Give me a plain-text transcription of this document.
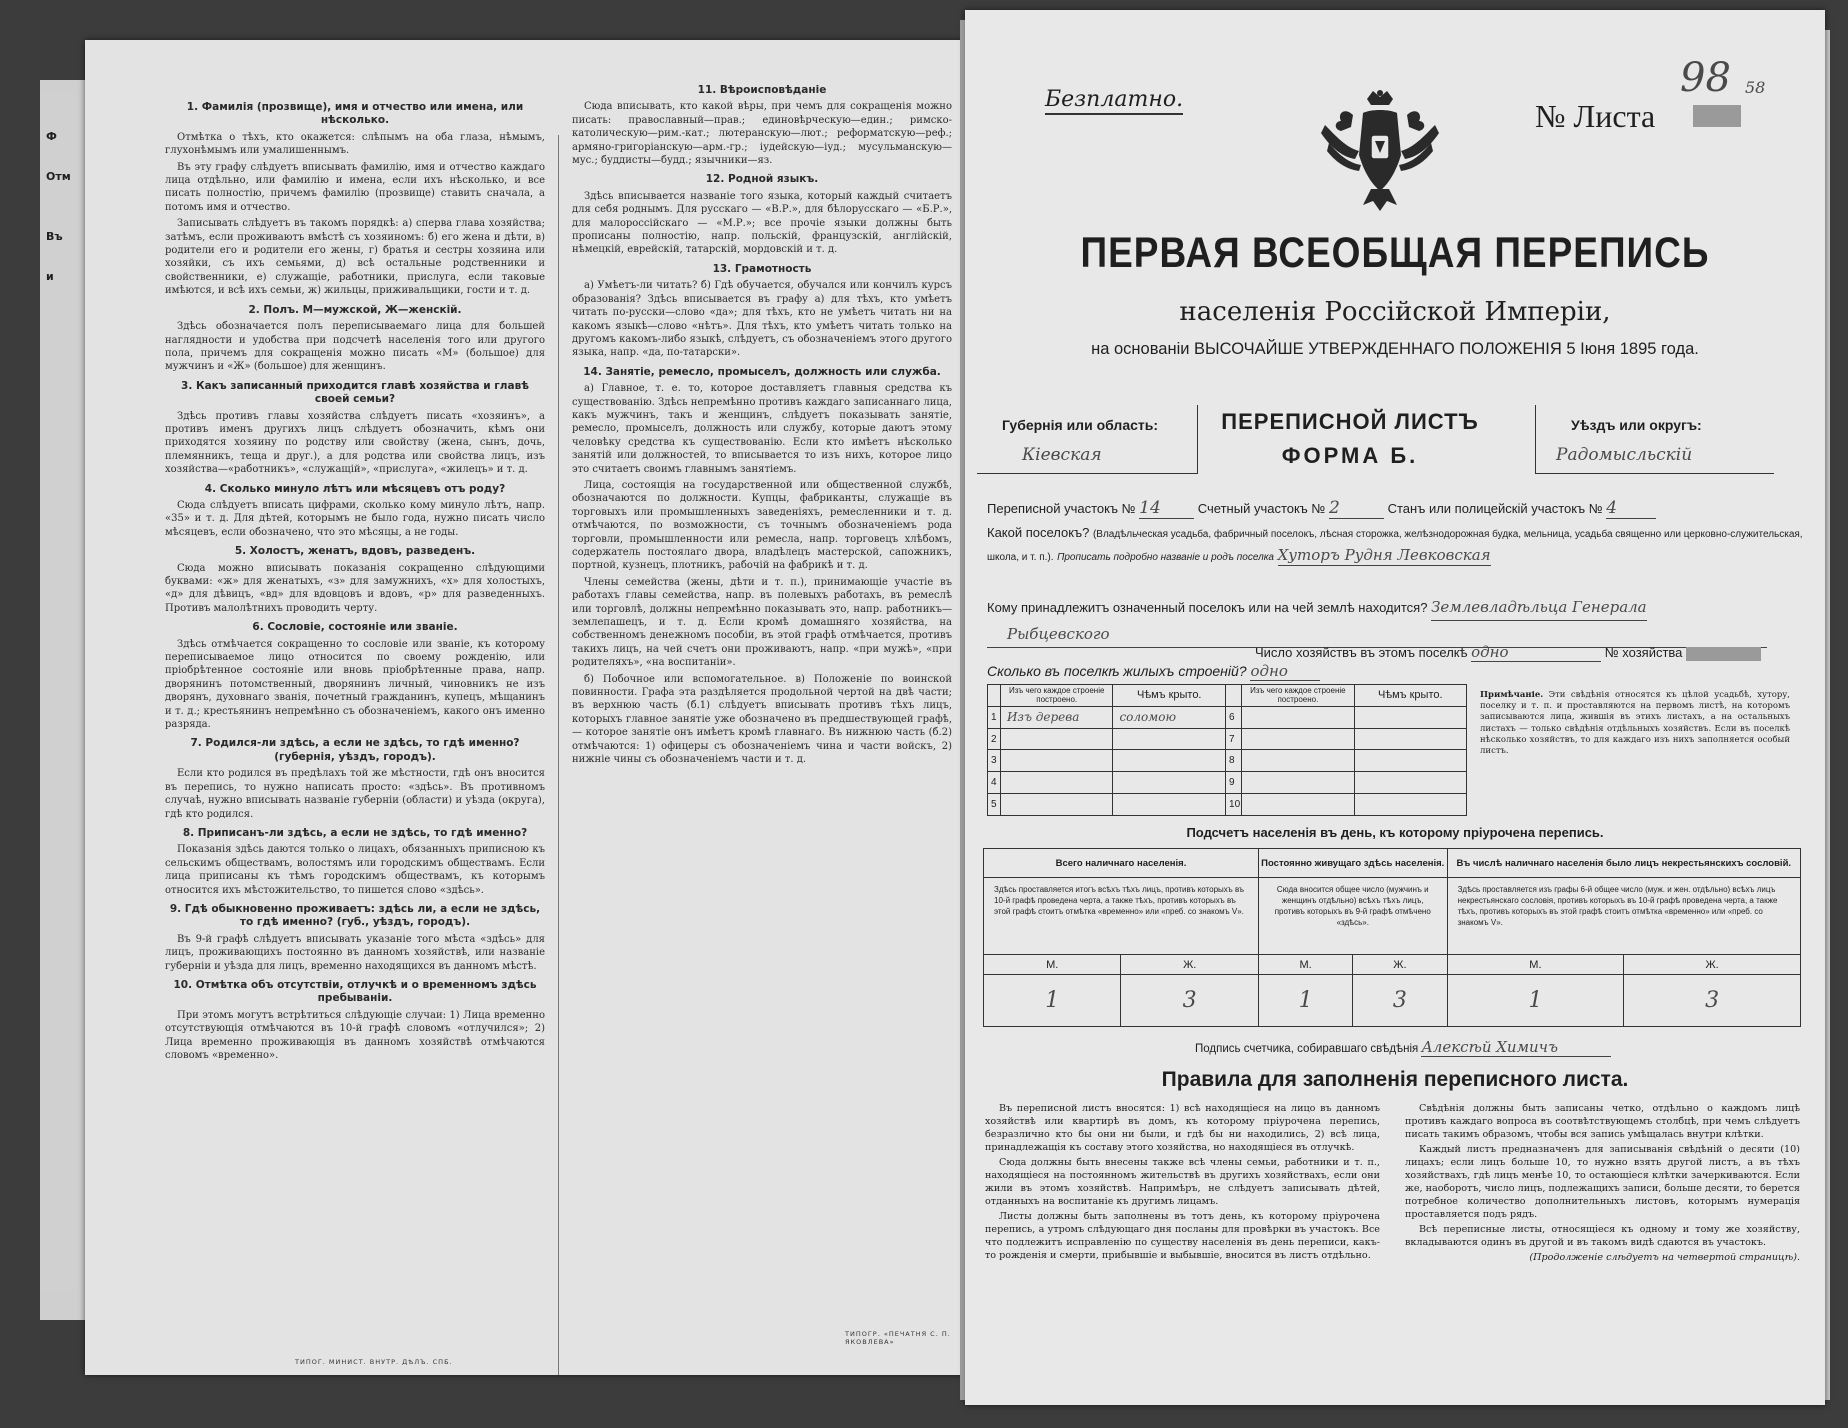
Ф
Отм
Въ
и
1. Фамилія (прозвище), имя и отчество или имена, или нѣсколько.

Отмѣтка о тѣхъ, кто окажется: слѣпымъ на оба глаза, нѣмымъ, глухонѣмымъ или умалишеннымъ.

Въ эту графу слѣдуетъ вписывать фамилію, имя и отчество каждаго лица отдѣльно, или фамилію и имена, если ихъ нѣсколько, и все писать полностію, причемъ фамилію (прозвище) ставить сначала, а потомъ имя и отчество.

Записывать слѣдуетъ въ такомъ порядкѣ: а) сперва глава хозяйства; затѣмъ, если проживаютъ вмѣстѣ съ хозяиномъ: б) его жена и дѣти, в) родители его и родители его жены, г) братья и сестры хозяина или хозяйки, съ ихъ семьями, д) всѣ остальные родственники и свойственники, е) служащіе, работники, прислуга, если таковые имѣются, и всѣ ихъ семьи, ж) жильцы, приживальщики, гости и т. д.

2. Полъ. М—мужской, Ж—женскій.

Здѣсь обозначается полъ переписываемаго лица для большей наглядности и удобства при подсчетѣ населенія того или другого пола, причемъ для сокращенія можно писать «М» (большое) для мужчинъ и «Ж» (большое) для женщинъ.

3. Какъ записанный приходится главѣ хозяйства и главѣ своей семьи?

Здѣсь противъ главы хозяйства слѣдуетъ писать «хозяинъ», а противъ именъ другихъ лицъ слѣдуетъ обозначить, кѣмъ они приходятся хозяину по родству или свойству (жена, сынъ, дочь, племянникъ, теща и друг.), а для родства или свойства лицъ, изъ хозяйства—«работникъ», «служащій», «прислуга», «жилецъ» и т. д.

4. Сколько минуло лѣтъ или мѣсяцевъ отъ роду?

Сюда слѣдуетъ вписать цифрами, сколько кому минуло лѣтъ, напр. «35» и т. д. Для дѣтей, которымъ не было года, нужно писать число мѣсяцевъ, если обозначено, что это мѣсяцы, а не годы.

5. Холостъ, женатъ, вдовъ, разведенъ.

Сюда можно вписывать показанія сокращенно слѣдующими буквами: «ж» для женатыхъ, «з» для замужнихъ, «х» для холостыхъ, «д» для дѣвицъ, «вд» для вдовцовъ и вдовъ, «р» для разведенныхъ. Противъ малолѣтнихъ проводить черту.

6. Сословіе, состояніе или званіе.

Здѣсь отмѣчается сокращенно то сословіе или званіе, къ которому переписываемое лицо относится по своему рожденію, или пріобрѣтенное состояніе или вновь пріобрѣтенные права, напр. дворянинъ потомственный, дворянинъ личный, чиновникъ не изъ дворянъ, духовнаго званія, почетный гражданинъ, купецъ, мѣщанинъ и т. д.; крестьянинъ непремѣнно съ обозначеніемъ, какого онъ именно разряда.

7. Родился-ли здѣсь, а если не здѣсь, то гдѣ именно? (губернія, уѣздъ, городъ).

Если кто родился въ предѣлахъ той же мѣстности, гдѣ онъ вносится въ перепись, то нужно написать просто: «здѣсь». Въ противномъ случаѣ, нужно вписывать названіе губерніи (области) и уѣзда (округа), гдѣ кто родился.

8. Приписанъ-ли здѣсь, а если не здѣсь, то гдѣ именно?

Показанія здѣсь даются только о лицахъ, обязанныхъ приписною къ сельскимъ обществамъ, волостямъ или городскимъ обществамъ. Если лица приписаны къ тѣмъ городскимъ обществамъ, къ которымъ относится ихъ мѣстожительство, то пишется слово «здѣсь».

9. Гдѣ обыкновенно проживаетъ: здѣсь ли, а если не здѣсь, то гдѣ именно? (губ., уѣздъ, городъ).

Въ 9-й графѣ слѣдуетъ вписывать указаніе того мѣста «здѣсь» для лицъ, проживающихъ постоянно въ данномъ хозяйствѣ, или названіе губерніи и уѣзда для лицъ, временно находящихся въ данномъ мѣстѣ.

10. Отмѣтка объ отсутствіи, отлучкѣ и о временномъ здѣсь пребываніи.

При этомъ могутъ встрѣтиться слѣдующіе случаи: 1) Лица временно отсутствующія отмѣчаются въ 10-й графѣ словомъ «отлучился»; 2) Лица временно проживающія въ данномъ хозяйствѣ отмѣчаются словомъ «временно».

11. Вѣроисповѣданіе

Сюда вписывать, кто какой вѣры, при чемъ для сокращенія можно писать: православный—прав.; единовѣрческую—един.; римско-католическую—рим.-кат.; лютеранскую—лют.; реформатскую—реф.; армяно-григоріанскую—арм.-гр.; іудейскую—іуд.; мусульманскую—мус.; буддисты—будд.; язычники—яз.

12. Родной языкъ.

Здѣсь вписывается названіе того языка, который каждый считаетъ для себя роднымъ. Для русскаго — «В.Р.», для бѣлорусскаго — «Б.Р.», для малороссійскаго — «М.Р.»; все прочіе языки должны быть прописаны полностію, напр. польскій, французскій, англійскій, нѣмецкій, еврейскій, татарскій, мордовскій и т. д.

13. Грамотность

а) Умѣетъ-ли читать? б) Гдѣ обучается, обучался или кончилъ курсъ образованія? Здѣсь вписывается въ графу а) для тѣхъ, кто умѣетъ читать по-русски—слово «да»; для тѣхъ, кто не умѣетъ читать ни на какомъ языкѣ—слово «нѣтъ». Для тѣхъ, кто умѣетъ читать только на другомъ какомъ-либо языкѣ, слѣдуетъ, съ обозначеніемъ этого другого языка, напр. «да, по-татарски».

14. Занятіе, ремесло, промыселъ, должность или служба.

а) Главное, т. е. то, которое доставляетъ главныя средства къ существованію. Здѣсь непремѣнно противъ каждаго записаннаго лица, какъ мужчинъ, такъ и женщинъ, слѣдуетъ показывать занятіе, ремесло, промыселъ, должность или службу, которые даютъ этому человѣку средства къ существованію. Если кто имѣетъ нѣсколько занятій или должностей, то вписывается то изъ нихъ, которое лицо это считаетъ своимъ главнымъ занятіемъ.

Лица, состоящія на государственной или общественной службѣ, обозначаются по должности. Купцы, фабриканты, служащіе въ торговыхъ или промышленныхъ заведеніяхъ, ремесленники и т. д. отмѣчаются, по возможности, съ точнымъ обозначеніемъ рода торговли, промышленности или ремесла, напр. торговецъ хлѣбомъ, содержатель постоялаго двора, владѣлецъ мастерской, сапожникъ, портной, кузнецъ, плотникъ, рабочій на фабрикѣ и т. д.

Члены семейства (жены, дѣти и т. п.), принимающіе участіе въ работахъ главы семейства, напр. въ полевыхъ работахъ, въ ремеслѣ или торговлѣ, должны непремѣнно показывать это, напр. работникъ—землепашецъ, и т. д. Если кромѣ домашняго хозяйства, на собственномъ денежномъ пособіи, въ этой графѣ отмѣчается, противъ такихъ лицъ, на чей счетъ они проживаютъ, напр. «при мужѣ», «при родителяхъ», «на воспитаніи».

б) Побочное или вспомогательное. в) Положеніе по воинской повинности. Графа эта раздѣляется продольной чертой на двѣ части; въ верхнюю часть (б.1) слѣдуетъ вписывать противъ тѣхъ лицъ, которыхъ главное занятіе уже обозначено въ предшествующей графѣ, — которое занятіе онъ имѣетъ кромѣ главнаго. Въ нижнюю часть (б.2) отмѣчаются: 1) офицеры съ обозначеніемъ чина и части войскъ, 2) нижніе чины съ обозначеніемъ части и т. д.

ТИПОГ. МИНИСТ. ВНУТР. ДѢЛЪ. СПБ.
ТИПОГР. «ПЕЧАТНЯ С. П. ЯКОВЛЕВА»
Безплатно.	№ Листа
98 58
ПЕРВАЯ ВСЕОБЩАЯ ПЕРЕПИСЬ
населенія Россійской Имперіи,
на основаніи ВЫСОЧАЙШЕ УТВЕРЖДЕННАГО ПОЛОЖЕНІЯ 5 Іюня 1895 года.
Губернія или область:
Кіевская
ПЕРЕПИСНОЙ ЛИСТЪ
ФОРМА Б.
Уѣздъ или округъ:
Радомысльскій
Переписной участокъ № 14	Счетный участокъ № 2	Станъ или полицейскій участокъ № 4
Какой поселокъ? (Владѣльческая усадьба, фабричный поселокъ, лѣсная сторожка, желѣзнодорожная будка, мельница, усадьба священно или церковно-служительская, школа, и т. п.). Прописать подробно названіе и родъ поселка Хуторъ Рудня Левковская
Кому принадлежитъ означенный поселокъ или на чей землѣ находится? Землевладѣльца Генерала
Рыбцевского
Число хозяйствъ въ этомъ поселкѣ одно	№ хозяйства
Сколько въ поселкѣ жилыхъ строеній? одно
	Изъ чего каждое строеніе построено.	Чѣмъ крыто.		Изъ чего каждое строеніе построено.	Чѣмъ крыто.
1	Изъ дерева	соломою	6		
2			7		
3			8		
4			9		
5			10		
Примѣчаніе. Эти свѣдѣнія относятся къ цѣлой усадьбѣ, хутору, поселку и т. п. и проставляются на первомъ листѣ, на которомъ записываются лица, жившія въ этихъ листахъ, а на остальныхъ листахъ — только свѣдѣнія отдѣльныхъ хозяйствъ. Если въ поселкѣ нѣсколько хозяйствъ, то для каждаго изъ нихъ заполняется особый листъ.
Подсчетъ населенія въ день, къ которому пріурочена перепись.
Всего наличнаго населенія.		Постоянно живущаго здѣсь населенія.		Въ числѣ наличнаго населенія было лицъ некрестьянскихъ сословій.	
Здѣсь проставляется итогъ всѣхъ тѣхъ лицъ, противъ которыхъ въ 10-й графѣ проведена черта, а также тѣхъ, противъ которыхъ въ этой графѣ стоитъ отмѣтка «временно» или «преб. со знакомъ V».		Сюда вносится общее число (мужчинъ и женщинъ отдѣльно) всѣхъ тѣхъ лицъ, противъ которыхъ въ 9-й графѣ отмѣчено «здѣсь».		Здѣсь проставляется изъ графы 6-й общее число (муж. и жен. отдѣльно) всѣхъ лицъ некрестьянскаго сословія, противъ которыхъ въ 10-й графѣ проведена черта, а также тѣхъ, противъ которыхъ въ этой графѣ стоитъ отмѣтка «временно» или «преб. со знакомъ V».	
М.	Ж.	М.	Ж.	М.	Ж.
1	3	1	3	1	3
Подпись счетчика, собиравшаго свѣдѣнія Алексѣй Химичъ
Правила для заполненія переписного листа.

Въ переписной листъ вносятся: 1) всѣ находящіеся на лицо въ данномъ хозяйствѣ или квартирѣ въ домъ, къ которому пріурочена перепись, безразлично кто бы они ни были, и гдѣ бы ни находились, 2) всѣ лица, принадлежащія къ составу этого хозяйства, но находящіеся въ отлучкѣ.

Сюда должны быть внесены также всѣ члены семьи, работники и т. п., находящіеся на постоянномъ жительствѣ въ другихъ хозяйствахъ, если они жили въ этомъ хозяйствѣ. Напримѣръ, не слѣдуетъ записывать дѣтей, отданныхъ на воспитаніе къ другимъ лицамъ.

Листы должны быть заполнены въ тотъ день, къ которому пріурочена перепись, а утромъ слѣдующаго дня посланы для провѣрки въ участокъ. Все что подлежитъ исправленію по существу населенія въ день переписи, какъ-то рожденія и смерти, прибывшіе и выбывшіе, вносится въ листъ отдѣльно.

Свѣдѣнія должны быть записаны четко, отдѣльно о каждомъ лицѣ противъ каждаго вопроса въ соотвѣтствующемъ столбцѣ, при чемъ слѣдуетъ писать такимъ образомъ, чтобы вся запись умѣщалась внутри клѣтки.

Каждый листъ предназначенъ для записыванія свѣдѣній о десяти (10) лицахъ; если лицъ больше 10, то нужно взять другой листъ, а въ тѣхъ хозяйствахъ, гдѣ лицъ менѣе 10, то остающіеся клѣтки зачеркиваются. Если же, наоборотъ, число лицъ, подлежащихъ записи, больше десяти, то берется потребное количество дополнительныхъ листовъ, которымъ нумерація проставляется подъ рядъ.

Всѣ переписные листы, относящіеся къ одному и тому же хозяйству, вкладываются одинъ въ другой и въ такомъ видѣ сдаются въ участокъ.

(Продолженіе слѣдуетъ на четвертой страницѣ).
